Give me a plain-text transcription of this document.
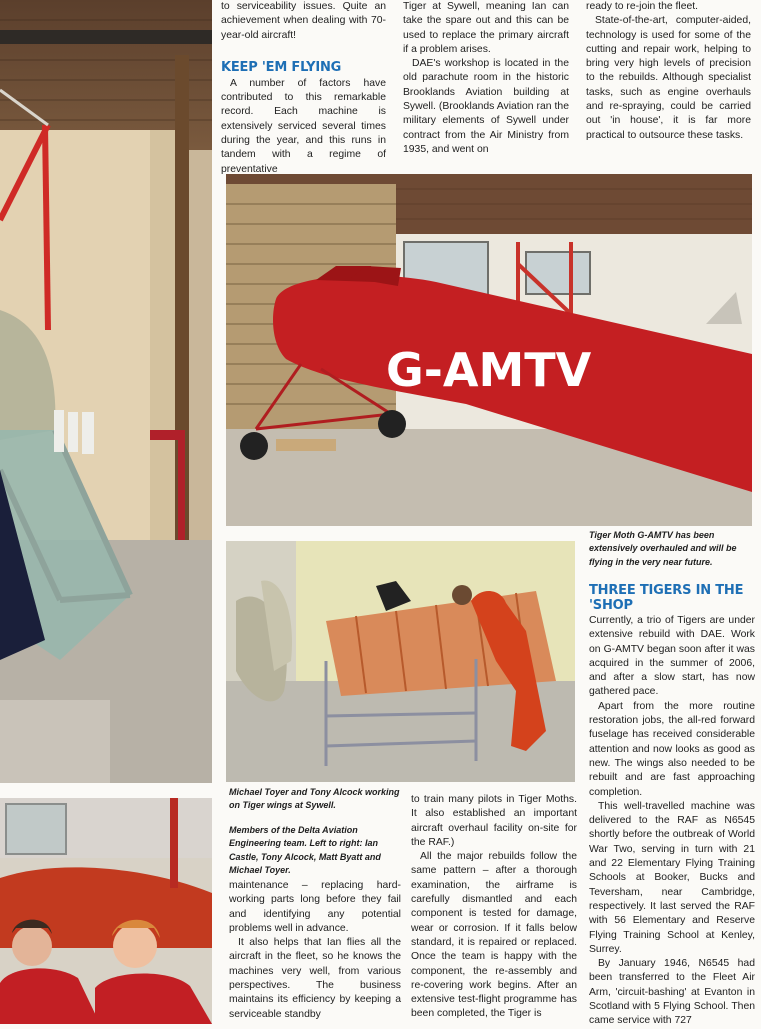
G-AMTV

to serviceability issues. Quite an achievement when dealing with 70-year-old aircraft!

KEEP 'EM FLYING

A number of factors have contributed to this remarkable record. Each machine is extensively serviced several times during the year, and this runs in tandem with a regime of preventative

Tiger at Sywell, meaning Ian can take the spare out and this can be used to replace the primary aircraft if a problem arises.

DAE's workshop is located in the old parachute room in the historic Brooklands Aviation building at Sywell. (Brooklands Aviation ran the military elements of Sywell under contract from the Air Ministry from 1935, and went on

ready to re-join the fleet.

State-of-the-art, computer-aided, technology is used for some of the cutting and repair work, helping to bring very high levels of precision to the rebuilds. Although specialist tasks, such as engine overhauls and re-spraying, could be carried out 'in house', it is far more practical to outsource these tasks.

Tiger Moth G-AMTV has been extensively overhauled and will be flying in the very near future.

Michael Toyer and Tony Alcock working on Tiger wings at Sywell.

Members of the Delta Aviation Engineering team. Left to right: Ian Castle, Tony Alcock, Matt Byatt and Michael Toyer.

maintenance – replacing hard-working parts long before they fail and identifying any potential problems well in advance.

It also helps that Ian flies all the aircraft in the fleet, so he knows the machines very well, from various perspectives. The business maintains its efficiency by keeping a serviceable standby

to train many pilots in Tiger Moths. It also established an important aircraft overhaul facility on-site for the RAF.)

All the major rebuilds follow the same pattern – after a thorough examination, the airframe is carefully dismantled and each component is tested for damage, wear or corrosion. If it falls below standard, it is repaired or replaced. Once the team is happy with the component, the re-assembly and re-covering work begins. After an extensive test-flight programme has been completed, the Tiger is

THREE TIGERS IN THE 'SHOP

Currently, a trio of Tigers are under extensive rebuild with DAE. Work on G-AMTV began soon after it was acquired in the summer of 2006, and after a slow start, has now gathered pace.

Apart from the more routine restoration jobs, the all-red forward fuselage has received considerable attention and now looks as good as new. The wings also needed to be rebuilt and are fast approaching completion.

This well-travelled machine was delivered to the RAF as N6545 shortly before the outbreak of World War Two, serving in turn with 21 and 22 Elementary Flying Training Schools at Booker, Bucks and Teversham, near Cambridge, respectively. It last served the RAF with 56 Elementary and Reserve Flying Training School at Kenley, Surrey.

By January 1946, N6545 had been transferred to the Fleet Air Arm, 'circuit-bashing' at Evanton in Scotland with 5 Flying School. Then came service with 727
